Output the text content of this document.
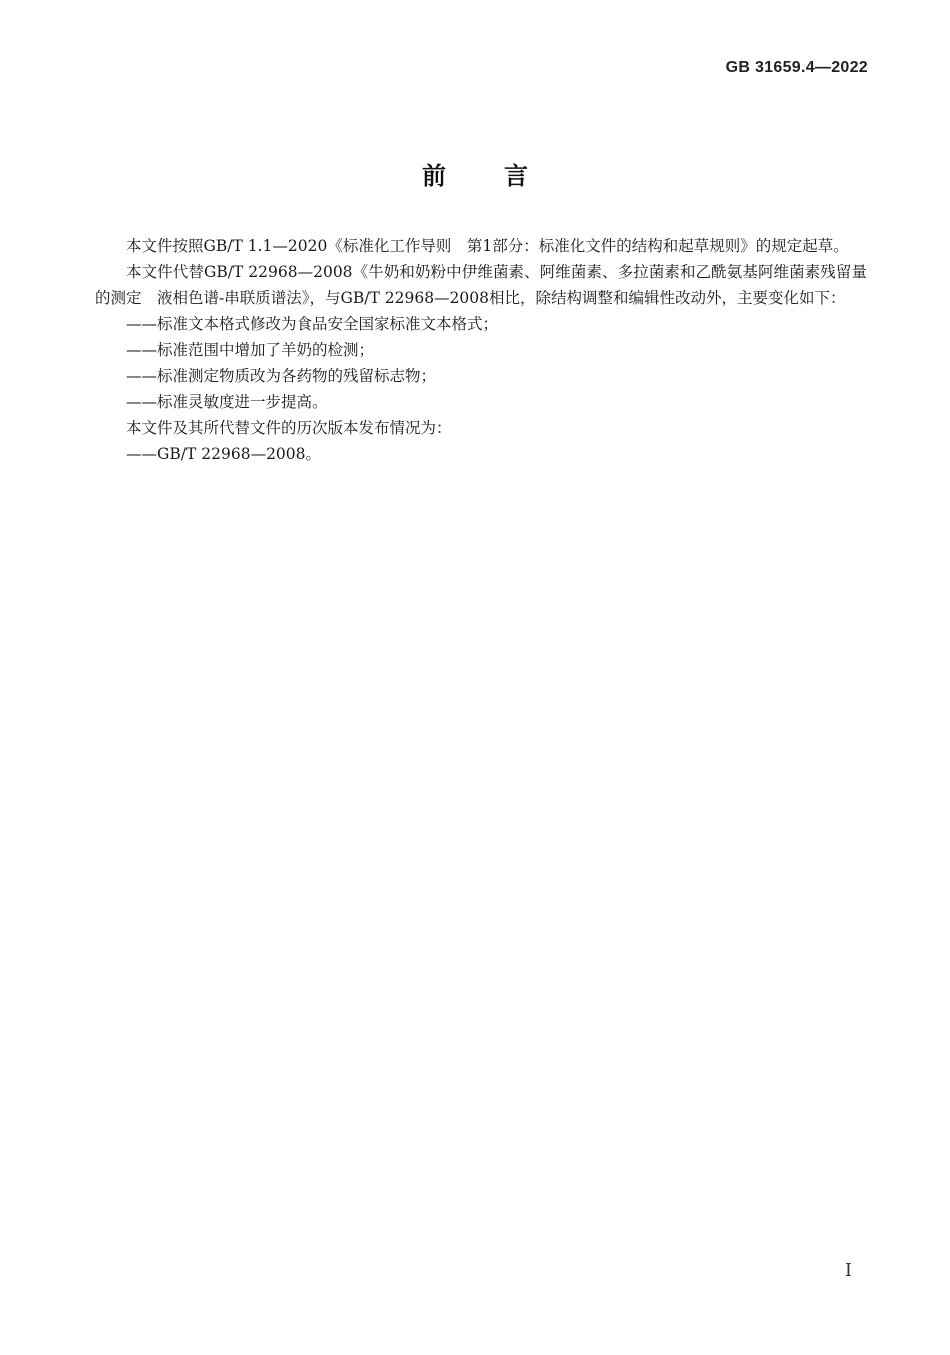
GB 31659.4—2022
前言

本文件按照GB/T 1.1—2020《标准化工作导则　第1部分：标准化文件的结构和起草规则》的规定起草。

本文件代替GB/T 22968—2008《牛奶和奶粉中伊维菌素、阿维菌素、多拉菌素和乙酰氨基阿维菌素残留量的测定　液相色谱-串联质谱法》，与GB/T 22968—2008相比，除结构调整和编辑性改动外，主要变化如下：

——标准文本格式修改为食品安全国家标准文本格式；

——标准范围中增加了羊奶的检测；

——标准测定物质改为各药物的残留标志物；

——标准灵敏度进一步提高。

本文件及其所代替文件的历次版本发布情况为：

——GB/T 22968—2008。

I
